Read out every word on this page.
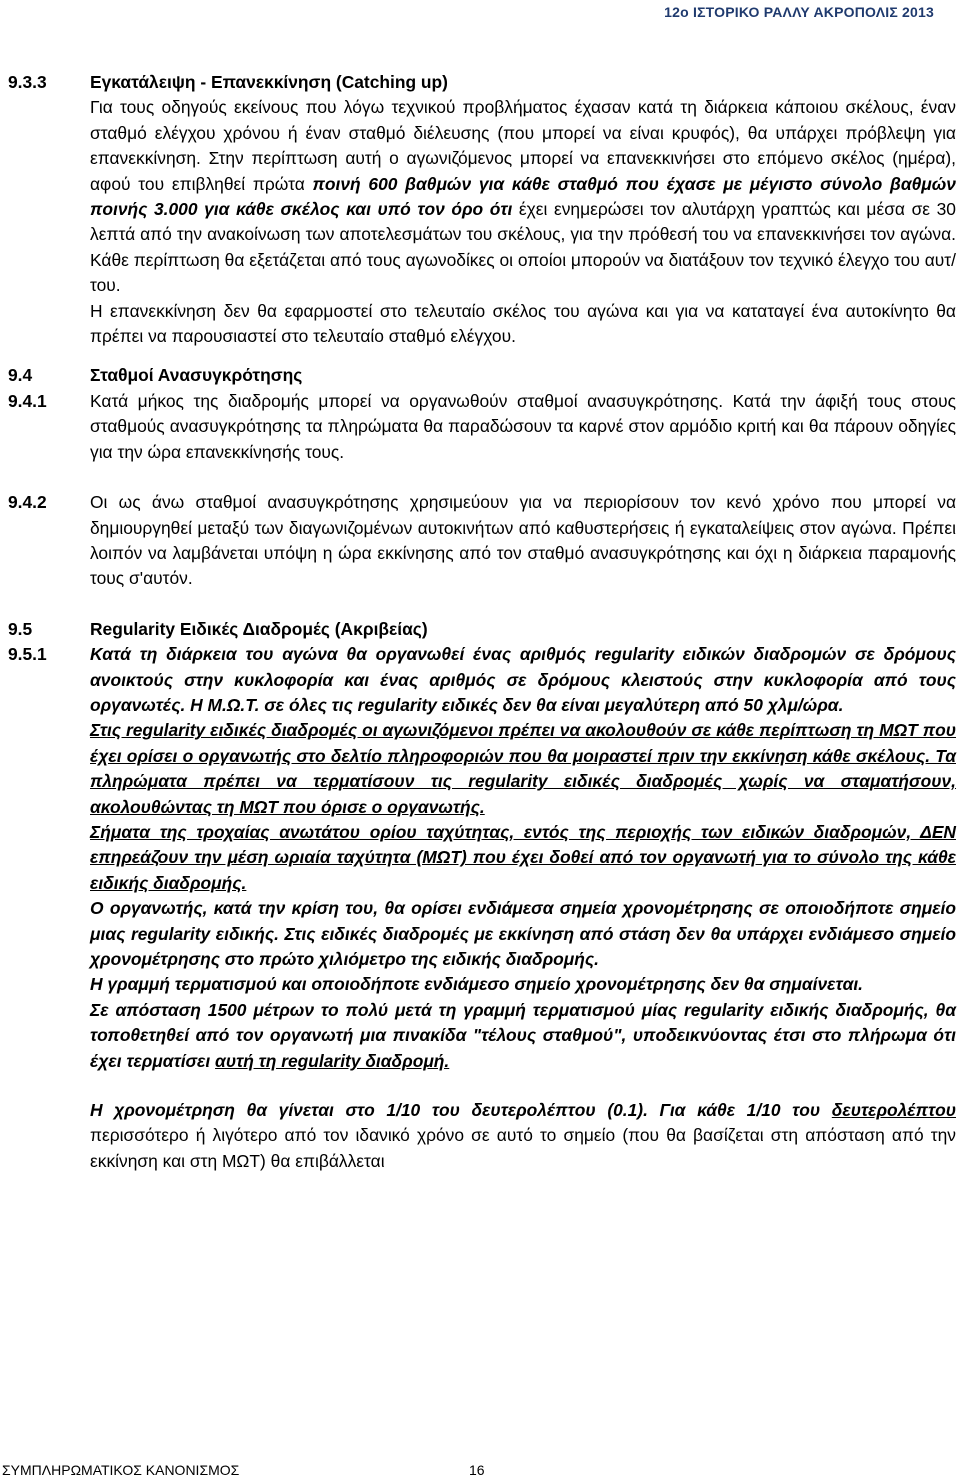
12ο ΙΣΤΟΡΙΚΟ ΡΑΛΛΥ ΑΚΡΟΠΟΛΙΣ 2013
9.3.3	Εγκατάλειψη - Επανεκκίνηση (Catching up)

Για τους οδηγούς εκείνους που λόγω τεχνικού προβλήματος έχασαν κατά τη διάρκεια κάποιου σκέλους, έναν σταθμό ελέγχου χρόνου ή έναν σταθμό διέλευσης (που μπορεί να είναι κρυφός), θα υπάρχει πρόβλεψη για επανεκκίνηση. Στην περίπτωση αυτή ο αγωνιζόμενος μπορεί να επανεκκινήσει στο επόμενο σκέλος (ημέρα), αφού του επιβληθεί πρώτα ποινή 600 βαθμών για κάθε σταθμό που έχασε με μέγιστο σύνολο βαθμών ποινής 3.000 για κάθε σκέλος και υπό τον όρο ότι έχει ενημερώσει τον αλυτάρχη γραπτώς και μέσα σε 30 λεπτά από την ανακοίνωση των αποτελεσμάτων του σκέλους, για την πρόθεσή του να επανεκκινήσει τον αγώνα. Κάθε περίπτωση θα εξετάζεται από τους αγωνοδίκες οι οποίοι μπορούν να διατάξουν τον τεχνικό έλεγχο του αυτ/του.

Η επανεκκίνηση δεν θα εφαρμοστεί στο τελευταίο σκέλος του αγώνα και για να καταταγεί ένα αυτοκίνητο θα πρέπει να παρουσιαστεί στο τελευταίο σταθμό ελέγχου.

9.4	Σταθμοί Ανασυγκρότησης
9.4.1	Κατά μήκος της διαδρομής μπορεί να οργανωθούν σταθμοί ανασυγκρότησης. Κατά την άφιξή τους στους σταθμούς ανασυγκρότησης τα πληρώματα θα παραδώσουν τα καρνέ στον αρμόδιο κριτή και θα πάρουν οδηγίες για την ώρα επανεκκίνησής τους.
9.4.2	Οι ως άνω σταθμοί ανασυγκρότησης χρησιμεύουν για να περιορίσουν τον κενό χρόνο που μπορεί να δημιουργηθεί μεταξύ των διαγωνιζομένων αυτοκινήτων από καθυστερήσεις ή εγκαταλείψεις στον αγώνα. Πρέπει λοιπόν να λαμβάνεται υπόψη η ώρα εκκίνησης από τον σταθμό ανασυγκρότησης και όχι η διάρκεια παραμονής τους σ'αυτόν.
9.5	Regularity Ειδικές Διαδρομές (Ακριβείας)
9.5.1	Κατά τη διάρκεια του αγώνα θα οργανωθεί ένας αριθμός regularity ειδικών διαδρομών σε δρόμους ανοικτούς στην κυκλοφορία και ένας αριθμός σε δρόμους κλειστούς στην κυκλοφορία από τους οργανωτές. Η Μ.Ω.Τ. σε όλες τις regularity ειδικές δεν θα είναι μεγαλύτερη από 50 χλμ/ώρα.

Στις regularity ειδικές διαδρομές οι αγωνιζόμενοι πρέπει να ακολουθούν σε κάθε περίπτωση τη ΜΩΤ που έχει ορίσει ο οργανωτής στο δελτίο πληροφοριών που θα μοιραστεί πριν την εκκίνηση κάθε σκέλους. Τα πληρώματα πρέπει να τερματίσουν τις regularity ειδικές διαδρομές χωρίς να σταματήσουν, ακολουθώντας τη ΜΩΤ που όρισε ο οργανωτής.

Σήματα της τροχαίας ανωτάτου ορίου ταχύτητας, εντός της περιοχής των ειδικών διαδρομών, ΔΕΝ επηρεάζουν την μέση ωριαία ταχύτητα (ΜΩΤ) που έχει δοθεί από τον οργανωτή για το σύνολο της κάθε ειδικής διαδρομής.

Ο οργανωτής, κατά την κρίση του, θα ορίσει ενδιάμεσα σημεία χρονομέτρησης σε οποιοδήποτε σημείο μιας regularity ειδικής. Στις ειδικές διαδρομές με εκκίνηση από στάση δεν θα υπάρχει ενδιάμεσο σημείο χρονομέτρησης στο πρώτο χιλιόμετρο της ειδικής διαδρομής.

Η γραμμή τερματισμού και οποιοδήποτε ενδιάμεσο σημείο χρονομέτρησης δεν θα σημαίνεται.

Σε απόσταση 1500 μέτρων το πολύ μετά τη γραμμή τερματισμού μίας regularity ειδικής διαδρομής, θα τοποθετηθεί από τον οργανωτή μια πινακίδα "τέλους σταθμού", υποδεικνύοντας έτσι στο πλήρωμα ότι έχει τερματίσει αυτή τη regularity διαδρομή.

Η χρονομέτρηση θα γίνεται στο 1/10 του δευτερολέπτου (0.1). Για κάθε 1/10 του δευτερολέπτου περισσότερο ή λιγότερο από τον ιδανικό χρόνο σε αυτό το σημείο (που θα βασίζεται στη απόσταση από την εκκίνηση και στη ΜΩΤ) θα επιβάλλεται

ΣΥΜΠΛΗΡΩΜΑΤΙΚΟΣ ΚΑΝΟΝΙΣΜΟΣ	16
